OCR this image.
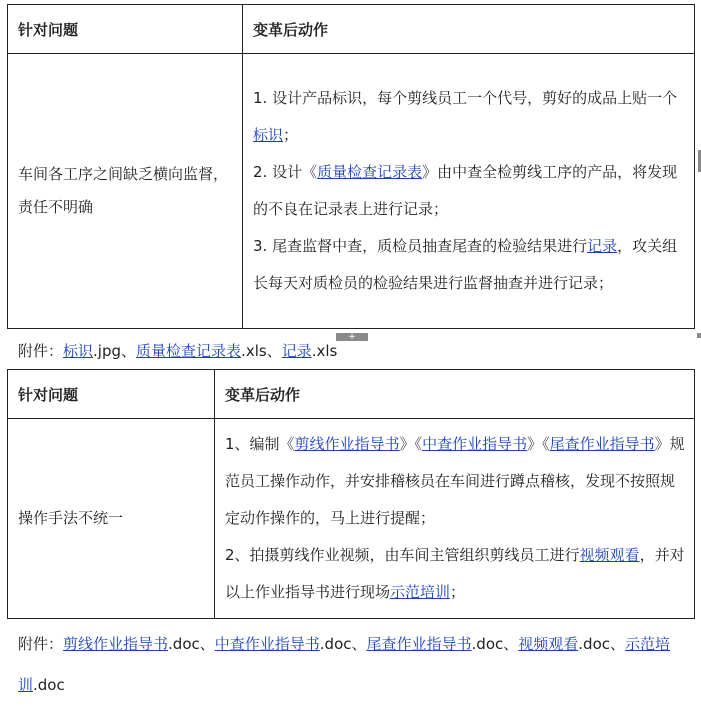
针对问题	变革后动作
车间各工序之间缺乏横向监督，责任不明确	1. 设计产品标识，每个剪线员工一个代号，剪好的成品上贴一个标识；

2. 设计《质量检查记录表》由中查全检剪线工序的产品，将发现的不良在记录表上进行记录；

3. 尾查监督中查，质检员抽查尾查的检验结果进行记录，攻关组长每天对质检员的检验结果进行监督抽查并进行记录；

+
附件：标识.jpg、质量检查记录表.xls、记录.xls
针对问题	变革后动作
操作手法不统一	1、编制《剪线作业指导书》《中查作业指导书》《尾查作业指导书》规范员工操作动作，并安排稽核员在车间进行蹲点稽核，发现不按照规定动作操作的，马上进行提醒；

2、拍摄剪线作业视频，由车间主管组织剪线员工进行视频观看，并对以上作业指导书进行现场示范培训；

附件：剪线作业指导书.doc、中查作业指导书.doc、尾查作业指导书.doc、视频观看.doc、示范培训.doc
